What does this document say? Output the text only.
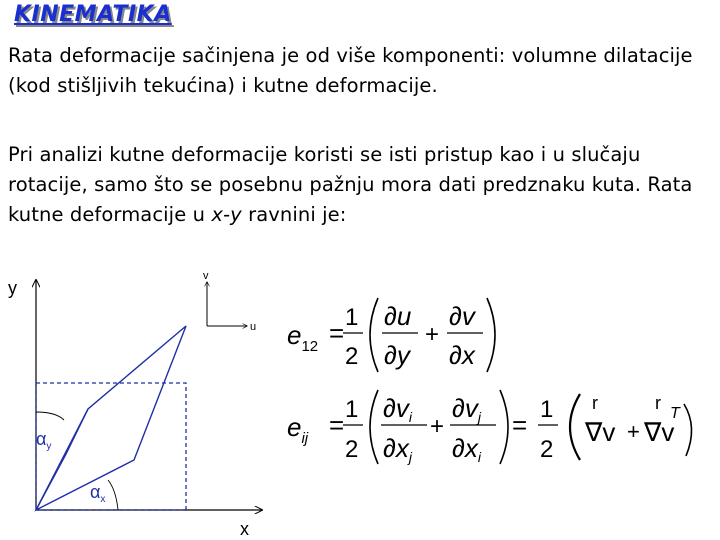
KINEMATIKA

Rata deformacije sačinjena je od više komponenti: volumne dilatacije (kod stišljivih tekućina) i kutne deformacije.

Pri analizi kutne deformacije koristi se isti pristup kao i u slučaju rotacije, samo što se posebnu pažnju mora dati predznaku kuta. Rata kutne deformacije u x-y ravnini je:

y
x
v
u
$\alpha_y$
$\alpha_x$
$e_{12}$ =
1
2
∂u
∂y
+
∂v
∂x
$e_{ij}$ =
1
2
∂vi
∂xj
+
∂vj
∂xi
=
1
2
r
∇v +
r
∇v
T
